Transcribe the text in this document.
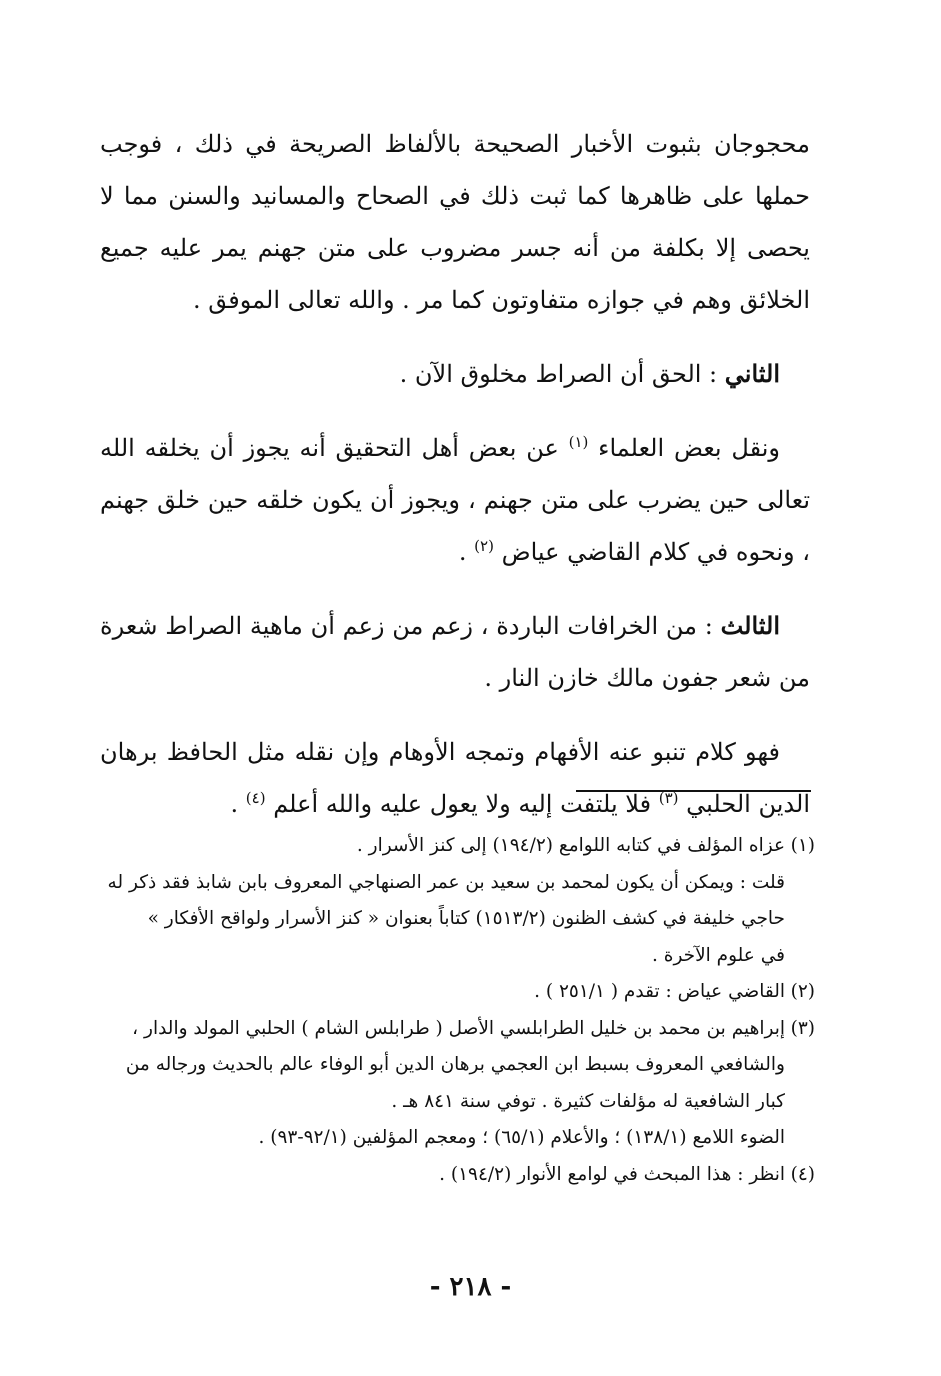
محجوجان بثبوت الأخبار الصحيحة بالألفاظ الصريحة في ذلك ، فوجب حملها على ظاهرها كما ثبت ذلك في الصحاح والمسانيد والسنن مما لا يحصى إلا بكلفة من أنه جسر مضروب على متن جهنم يمر عليه جميع الخلائق وهم في جوازه متفاوتون كما مر . والله تعالى الموفق .

الثاني : الحق أن الصراط مخلوق الآن .

ونقل بعض العلماء $^{(١)}$ عن بعض أهل التحقيق أنه يجوز أن يخلقه الله تعالى حين يضرب على متن جهنم ، ويجوز أن يكون خلقه حين خلق جهنم ، ونحوه في كلام القاضي عياض $^{(٢)}$ .

الثالث : من الخرافات الباردة ، زعم من زعم أن ماهية الصراط شعرة من شعر جفون مالك خازن النار .

فهو كلام تنبو عنه الأفهام وتمجه الأوهام وإن نقله مثل الحافظ برهان الدين الحلبي $^{(٣)}$ فلا يلتفت إليه ولا يعول عليه والله أعلم $^{(٤)}$ .

(١)
عزاه المؤلف في كتابه اللوامع (١٩٤/٢) إلى كنز الأسرار .
قلت : ويمكن أن يكون لمحمد بن سعيد بن عمر الصنهاجي المعروف بابن شابذ فقد ذكر له
حاجي خليفة في كشف الظنون (١٥١٣/٢) كتاباً بعنوان « كنز الأسرار ولواقح الأفكار »
في علوم الآخرة .
(٢)
القاضي عياض : تقدم ( ٢٥١/١ ) .
(٣)
إبراهيم بن محمد بن خليل الطرابلسي الأصل ( طرابلس الشام ) الحلبي المولد والدار ،
والشافعي المعروف بسبط ابن العجمي برهان الدين أبو الوفاء عالم بالحديث ورجاله من
كبار الشافعية له مؤلفات كثيرة . توفي سنة ٨٤١ هـ .
الضوء اللامع (١٣٨/١) ؛ والأعلام (٦٥/١) ؛ ومعجم المؤلفين (٩٢/١-٩٣) .
(٤)
انظر : هذا المبحث في لوامع الأنوار (١٩٤/٢) .
- ٢١٨ -
